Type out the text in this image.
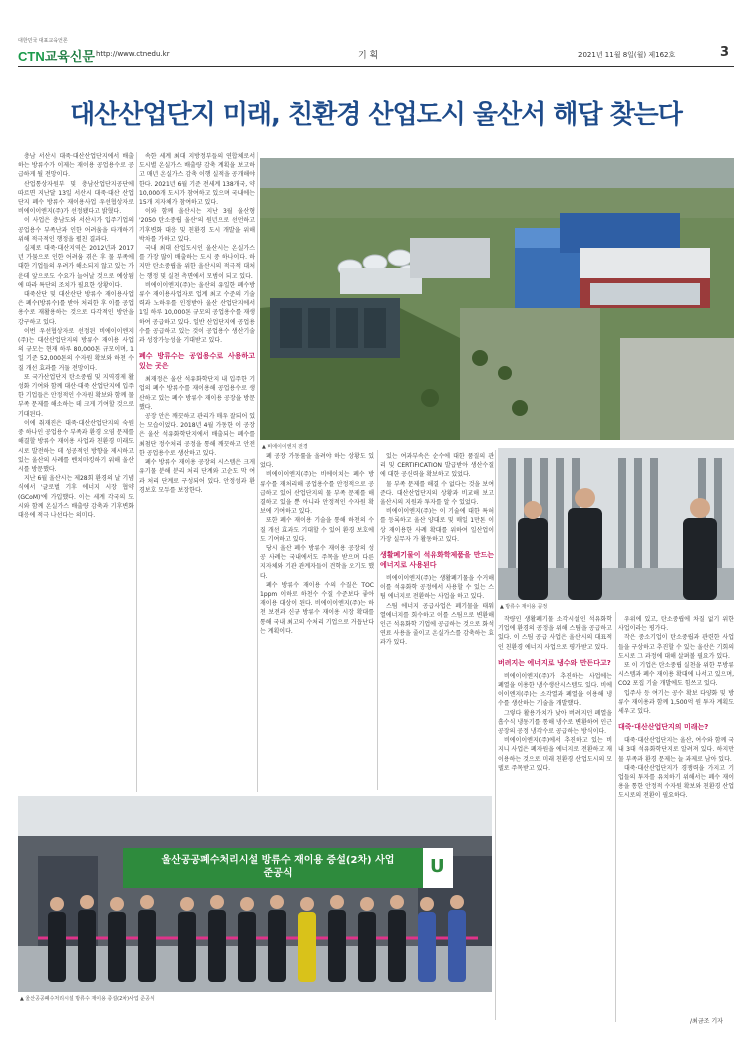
대한민국 대표교육언론
CTN교육신문 http://www.ctnedu.kr	기 획	2021년 11월 8일(월) 제162호	3
대산산업단지 미래, 친환경 산업도시 울산서 해답 찾는다

충남 서산시 대죽·대산산업단지에서 배출하는 방류수가 이제는 재이용 공업용수로 공급하게 될 전망이다.

산업통상자원부 및 충남산업단지공단에 따르면 지난달 13일 서산시 대죽·대산 산업단지 폐수 방류수 재이용사업 우선협상자로 비에이이엔지(주)가 선정됐다고 밝혔다.

이 사업은 충남도와 서산시가 입주기업의 공업용수 부족난과 인한 어려움을 타개하기 위해 적극적인 행정을 펼친 결과다.

실제로 대죽·대산지역은 2012년과 2017년 가뭄으로 인한 어려움 겪은 후 물 부족에 대한 기업들의 우려가 해소되지 않고 있는 가운데 앞으로도 수요가 늘어날 것으로 예상됨에 따라 특단의 조치가 필요한 상황이다.

대죽산단 및 대산산단 방류수 재이용사업은 폐수(방류수)를 받아 처리한 후 이를 공업용수로 재활용하는 것으로 다각적인 방안을 강구하고 있다.

이번 우선협상자로 선정된 비에이이엔지(주)는 대산산업단지의 방류수 재이용 사업의 규모는 현재 하루 80,000톤 규모이며, 1일 기준 52,000톤의 수자원 확보와 하천 수질 개선 효과를 거둘 전망이다.

또 국가산업단지 탄소중립 및 지역경제 활성화 기여와 함께 대산·대죽 산업단지에 입주한 기업들은 안정적인 수자원 확보와 함께 물 부족 문제를 해소하는 데 크게 기여할 것으로 기대된다.

이에 취재진은 대죽·대산산업단지의 숙원 중 하나인 공업용수 부족과 환경 오염 문제를 해결할 방류수 재이용 사업과 친환경 미래도시로 발전하는 데 성공적인 방향을 제시하고 있는 울산의 사례를 벤치마킹하기 위해 울산시를 방문했다.

지난 6월 울산시는 제28회 환경의 날 기념식에서 '글로벌 기후 에너지 시장 협약(GCoM)'에 가입했다. 이는 세계 각국의 도시와 함께 온실가스 배출량 감축과 기후변화 대응에 적극 나선다는 의미다.

속한 세계 최대 지방정부들의 연합체로서 도시별 온실가스 배출량 감축 계획을 보고하고 매년 온실가스 감축 이행 실적을 공개해야 한다. 2021년 6월 기준 전세계 138개국, 약 10,000개 도시가 참여하고 있으며 국내에는 15개 지자체가 참여하고 있다.

이와 함께 울산시는 지난 3월 울산형 '2050 탄소중립 울산'의 원년으로 선언하고 기후변화 대응 및 친환경 도시 개발을 위해 박차를 가하고 있다.

국내 최대 산업도시인 울산시는 온실가스를 가장 많이 배출하는 도시 중 하나이다. 하지만 탄소중립을 위한 울산시의 적극적 대처는 행정 및 실천 측면에서 모범이 되고 있다.

비에이이엔지(주)는 울산의 유일한 폐수방류수 재이용사업자로 업계 최고 수준의 기술력과 노하우를 인정받아 울산 산업단지에서 1일 하루 10,000톤 규모의 공업용수를 재생하여 공급하고 있다. 일반 산업단지에 공업용수를 공급하고 있는 것이 공업용수 생산기술과 성장가능성을 기대받고 있다.

폐수 방류수는 공업용수로 사용하고 있는 곳은

최재정은 울산 석유화학단지 내 입주한 기업의 폐수 방류수를 재이용해 공업용수로 생산하고 있는 폐수 방류수 재이용 공장을 방문했다.

공장 안은 깨끗하고 관리가 매우 잘되어 있는 모습이었다. 2018년 4월 가동한 이 공장은 울산 석유화학단지에서 배출되는 폐수를 최첨단 정수처리 공정을 통해 깨끗하고 안전한 공업용수로 생산하고 있다.

폐수 방류수 재이용 공장의 시스템은 크게 유기물 분해 분리 처리 단계와 고순도 막 여과 처리 단계로 구성되어 있다. 안정성과 환경보호 모두를 보장한다.

▲ 비에이이엔지 전경

폐 공장 가동률을 올려야 하는 상황도 있었다.

비에이이엔지(주)는 비에이치는 폐수 방류수를 재처리해 공업용수를 안정적으로 공급하고 있어 산업단지의 물 부족 문제를 해결하고 있을 뿐 아니라 안정적인 수자원 확보에 기여하고 있다.

또한 폐수 재이용 기술을 통해 하천의 수질 개선 효과도 기대할 수 있어 환경 보호에도 기여하고 있다.

당시 울산 폐수 방류수 재이용 공장의 성공 사례는 국내에서도 주목을 받으며 다른 지자체와 기관 관계자들이 견학을 오기도 했다.

폐수 방류수 재이용 수의 수질은 TOC 1ppm 이하로 하천수 수질 수준보다 좋아 재이용 대상이 된다. 비에이이엔지(주)는 하천 보전과 신규 방류수 재이용 시장 확대를 통해 국내 최고의 수처리 기업으로 거듭난다는 계획이다.

있는 여과부속은 순수에 대한 품질의 관리 및 CERTIFICATION 발급받아 생산수질에 대한 공신력을 확보하고 있었다.

물 부족 문제를 해결 수 없다는 것을 보여준다. 대산산업단지의 상황과 비교해 보고 울산시의 지원과 투자를 알 수 있었다.

비에이이엔지(주)는 이 기술에 대한 특허를 등록하고 울산 양대로 및 매일 1만톤 이상 재이용한 사례 확대를 위하여 일산업이 가장 실무자 가 활동하고 있다.

생활폐기물이 석유화학제품을 만드는 에너지로 사용된다

비에이이엔지(주)는 생활폐기물을 수거해 이를 석유화학 공정에서 사용할 수 있는 스팀 에너지로 전환하는 사업을 하고 있다.

스팀 에너지 공급사업은 폐기물을 태워 열에너지를 회수하고 이를 스팀으로 변환해 인근 석유화학 기업에 공급하는 것으로 화석연료 사용을 줄이고 온실가스를 감축하는 효과가 있다.

▲ 방류수 재이용 공정

작량인 생활폐기물 소각시설인 석유화학 기업에 환경의 공정을 위해 스팀을 공급하고 있다. 이 스팀 공급 사업은 울산시의 대표적인 친환경 에너지 사업으로 평가받고 있다.

버려지는 에너지로 냉수와 만든다고?

비에이이엔지(주)가 추진하는 사업에는 폐열을 이용한 냉수생산시스템도 있다. 비에이이엔지(주)는 소각열과 폐열을 이용해 냉수를 생산하는 기술을 개발했다.

그렇다 활용가치가 낮아 버려지던 폐열을 흡수식 냉동기를 통해 냉수로 변환하여 인근 공장의 공정 냉각수로 공급하는 방식이다.

비에이이엔지(주)에서 추진하고 있는 비지니 사업은 폐자원을 에너지로 전환하고 재이용하는 것으로 미래 친환경 산업도시의 모델로 주목받고 있다.

우위에 있고, 탄소중립에 차질 없기 위한 사업이라는 평가다.

작은 중소기업이 탄소중립과 관련한 사업들을 구상하고 추진할 수 있는 울산은 기회의 도시로 그 과정에 대해 살펴볼 필요가 있다.

또 이 기업은 탄소중립 실천을 위한 무방류 시스템과 폐수 재이용 확대에 나서고 있으며, CO2 포집 기술 개발에도 힘쓰고 있다.

입주사 등 여기는 공수 확보 다양화 및 방류수 재이용과 함께 1,500억 원 투자 계획도 세우고 있다.

대죽·대산산업단지의 미래는?

대죽·대산산업단지는 울산, 여수와 함께 국내 3대 석유화학단지로 알려져 있다. 하지만 물 부족과 환경 문제는 늘 과제로 남아 있다.

대죽·대산산업단지가 경쟁력을 가지고 기업들의 투자를 유치하기 위해서는 폐수 재이용을 통한 안정적 수자원 확보와 친환경 산업도시로의 전환이 필요하다.

/최금조 기자
울산공공폐수처리시설 방류수 재이용 증설(2차) 사업 준공식	U
▲ 울산공공폐수처리시설 방류수 재이용 증설(2차)사업 준공식
